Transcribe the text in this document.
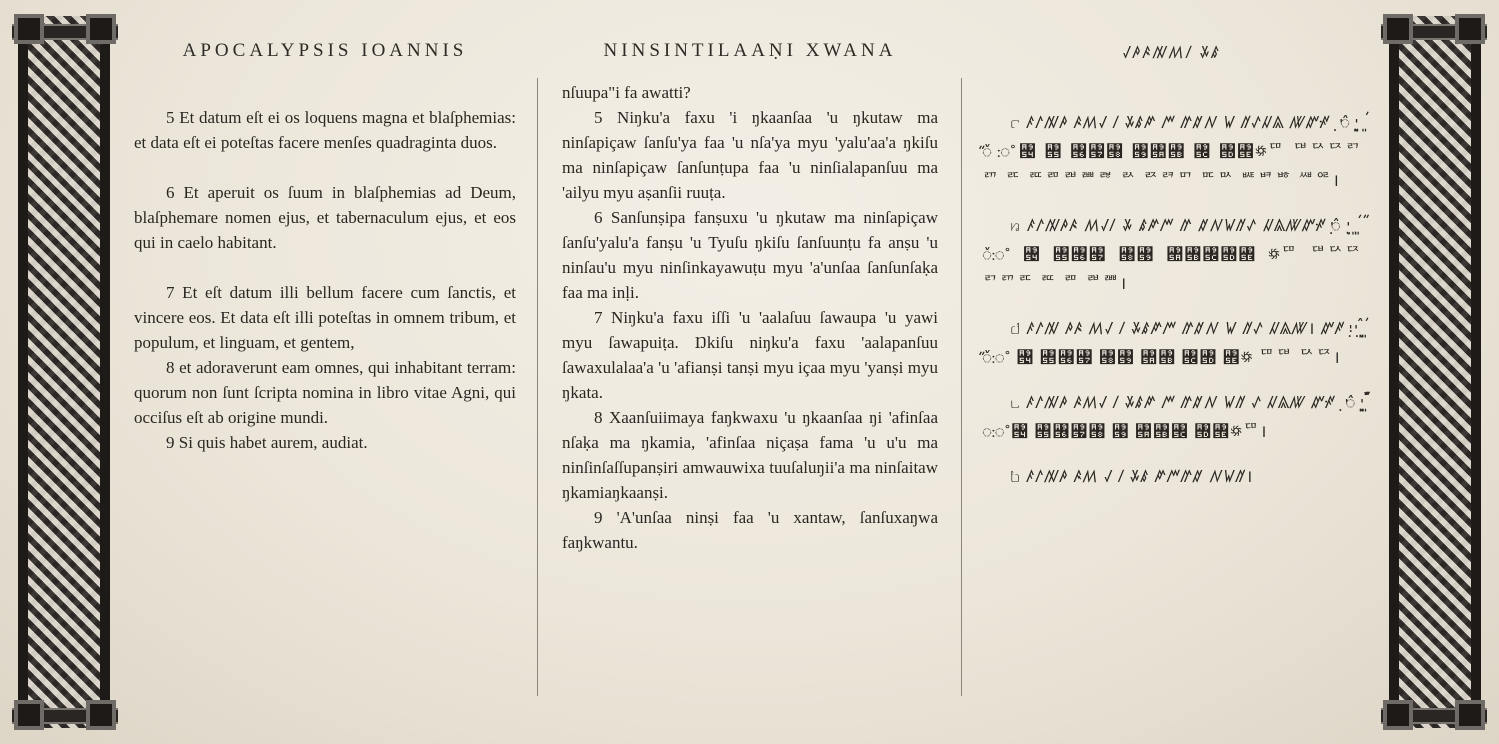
APOCALYPSIS IOANNIS

5 Et datum eſt ei os loquens magna et blaſphemias: et data eſt ei poteſtas facere menſes quadraginta duos.

6 Et aperuit os ſuum in blaſphemias ad Deum, blaſphemare nomen ejus, et tabernaculum ejus, et eos qui in caelo habitant.

7 Et eſt datum illi bellum facere cum ſanctis, et vincere eos. Et data eſt illi poteſtas in omnem tribum, et populum, et linguam, et gentem,

8 et adoraverunt eam omnes, qui inhabitant terram: quorum non ſunt ſcripta nomina in libro vitae Agni, qui occiſus eſt ab origine mundi.

9 Si quis habet aurem, audiat.

NINSINTILAAṆI XWANA

nſuupa"i fa awatti?

5 Niŋku'a faxu 'i ŋkaanſaa 'u ŋkutaw ma ninſapiçaw ſanſu'ya faa 'u nſa'ya myu 'yalu'aa'a ŋkiſu ma ninſapiçaw ſanſunṭupa faa 'u ninſialapanſuu ma 'ailyu myu aṣanſii ruuṭa.

6 Sanſunṣipa fanṣuxu 'u ŋkutaw ma ninſapiçaw ſanſu'yalu'a fanṣu 'u Tyuſu ŋkiſu ſanſuunṭu fa anṣu 'u ninſau'u myu ninſinkayawuṭu myu 'a'unſaa ſanſunſaḳa faa ma inḷi.

7 Niŋku'a faxu iſſi 'u 'aalaſuu ſawaupa 'u yawi myu ſawapuiṭa. Ŋkiſu niŋku'a faxu 'aalapanſuu ſawaxulalaa'a 'u 'afianṣi tanṣi myu içaa myu 'yanṣi myu ŋkata.

8 Xaanſuiimaya faŋkwaxu 'u ŋkaanſaa ŋi 'afinſaa nſaḳa ma ŋkamia, 'afinſaa niçaṣa fama 'u u'u ma ninſinſaſſupanṣiri amwauwixa tuuſaluŋii'a ma ninſaitaw ŋkamiaŋkaanṣi.

9 'A'unſaa ninṣi faa 'u xantaw, ſanſuxaŋwa faŋkwantu.

ꤶꤳꤴꤲꤵꤷ ꤸꤹ

꤅ ꤰꤱꤲꤳ ꤴꤵꤶ ꤷ ꤸꤹꤺ ꤻ ꤼꤽꤾ ꤿ ꥀꥁꥂꥃ ꥄꥅꥆꥇ ꥈ ꥉꥊ ꥋꥌꥍ ꥎꥏ ꥐꥑ ꥒ꥓꥔ ꥕ ꥖꥗꥘ ꥙꥚꥛ ꥜ ꥝꥞꥟ꥠ ꥡꥢꥣꥤ ꥥ ꥦ ꥧꥨꥩꥪꥫ ꥬ ꥭꥮꥯ ꥰꥱ ꥲꥳꥴ ꥵꥶ।

꤆ ꤰꤱꤲꤳꤴ ꤵꤶꤷ ꤸ ꤹꤺꤻ ꤼ ꤽꤾꤿꥀꥁ ꥂꥃꥄꥅꥆꥇ ꥈꥉꥊ ꥋꥌ ꥍꥎꥏ ꥐ ꥑꥒ꥓ ꥔ ꥕꥖꥗ ꥘꥙ ꥚꥛꥜꥝꥞ ꥟ꥠ ꥡꥢꥣ ꥤꥥꥦ ꥧ ꥨ ꥩꥪ।

꤇ ꤰꤱꤲ ꤳꤴ ꤵꤶ ꤷ ꤸꤹꤺꤻ ꤼꤽꤾ ꤿ ꥀꥁ ꥂꥃꥄ। ꥅꥆ ꥇꥈꥉ ꥊꥋ ꥌꥍꥎꥏ ꥐꥑꥒ꥓ ꥔ ꥕꥖꥗ ꥘꥙ ꥚꥛ ꥜꥝ ꥞꥟ ꥠꥡ ꥢꥣ।

꤈ ꤰꤱꤲꤳ ꤴꤵꤶ ꤷ ꤸꤹꤺ ꤻ ꤼꤽꤾ ꤿꥀ ꥁ ꥂꥃꥄ ꥅꥆꥇ ꥈ ꥉꥊ ꥋꥌꥍꥎꥏꥐꥑ ꥒ꥓꥔ ꥕꥖꥗꥘ ꥙ ꥚꥛꥜ ꥝꥞꥟ꥠ।

꤉ ꤰꤱꤲꤳ ꤴꤵ ꤶ ꤷ ꤸꤹ ꤺꤻꤼꤽ ꤾꤿꥀ।
